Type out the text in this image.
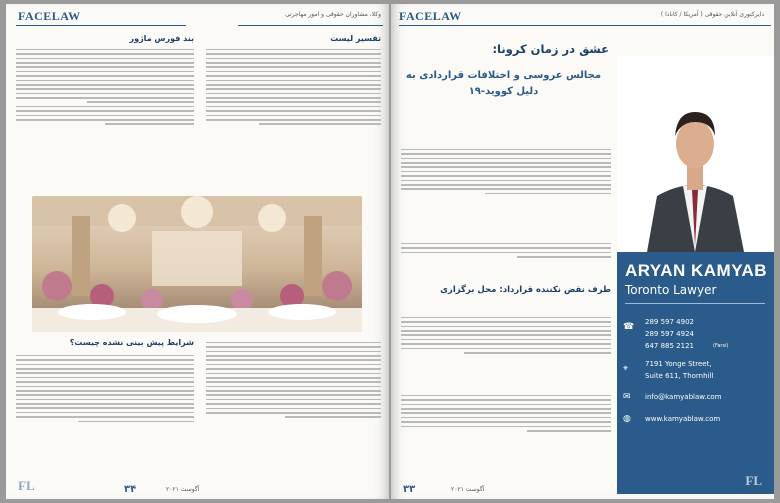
وکلا، مشاوران حقوقی و امور مهاجرتی
FACELAW
تفسیر لیست
بند فورس ماژور
شرایط پیش بینی نشده چیست؟
FL	آگوست ۲۰۲۱
۳۴
FACELAW	دایرکتوری آنلاین حقوقی ( آمریکا / کانادا )
عشق در زمان کرونا:
مجالس عروسی و اختلافات قراردادی به دلیل کووید-۱۹
طرف نقض نکننده قرارداد: محل برگزاری
ARYAN KAMYAB
Toronto Lawyer
☎ 289 597 4902
289 597 4924
647 885 2121	(Farsi)
⌖ 7191 Yonge Street,
Suite 611, Thornhill
✉ info@kamyablaw.com
◍ www.kamyablaw.com
FL
۳۳	آگوست ۲۰۲۱
